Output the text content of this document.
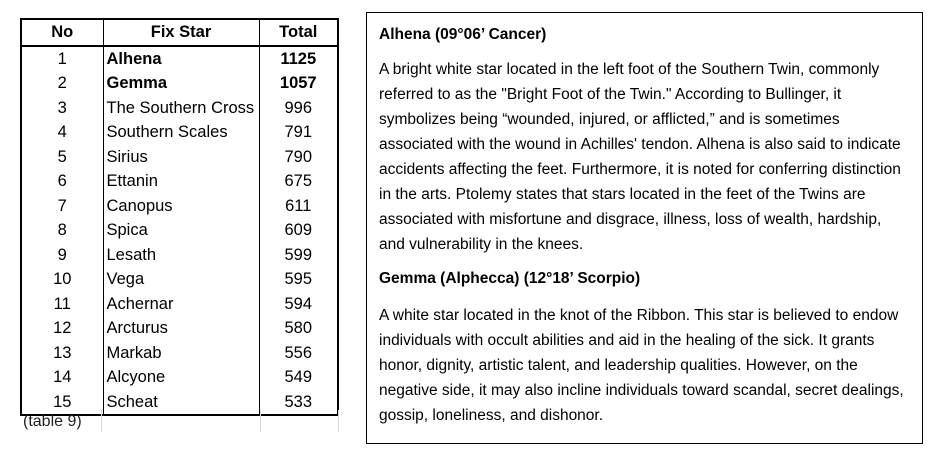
No	Fix Star	Total
1	Alhena	1125
2	Gemma	1057
3	The Southern Cross	996
4	Southern Scales	791
5	Sirius	790
6	Ettanin	675
7	Canopus	611
8	Spica	609
9	Lesath	599
10	Vega	595
11	Achernar	594
12	Arcturus	580
13	Markab	556
14	Alcyone	549
15	Scheat	533
(table 9)
Alhena (09°06’ Cancer)

A bright white star located in the left foot of the Southern Twin, commonly referred to as the "Bright Foot of the Twin." According to Bullinger, it symbolizes being “wounded, injured, or afflicted,” and is sometimes associated with the wound in Achilles' tendon. Alhena is also said to indicate accidents affecting the feet. Furthermore, it is noted for conferring distinction in the arts. Ptolemy states that stars located in the feet of the Twins are associated with misfortune and disgrace, illness, loss of wealth, hardship, and vulnerability in the knees.

Gemma (Alphecca) (12°18’ Scorpio)

A white star located in the knot of the Ribbon. This star is believed to endow individuals with occult abilities and aid in the healing of the sick. It grants honor, dignity, artistic talent, and leadership qualities. However, on the negative side, it may also incline individuals toward scandal, secret dealings, gossip, loneliness, and dishonor.
